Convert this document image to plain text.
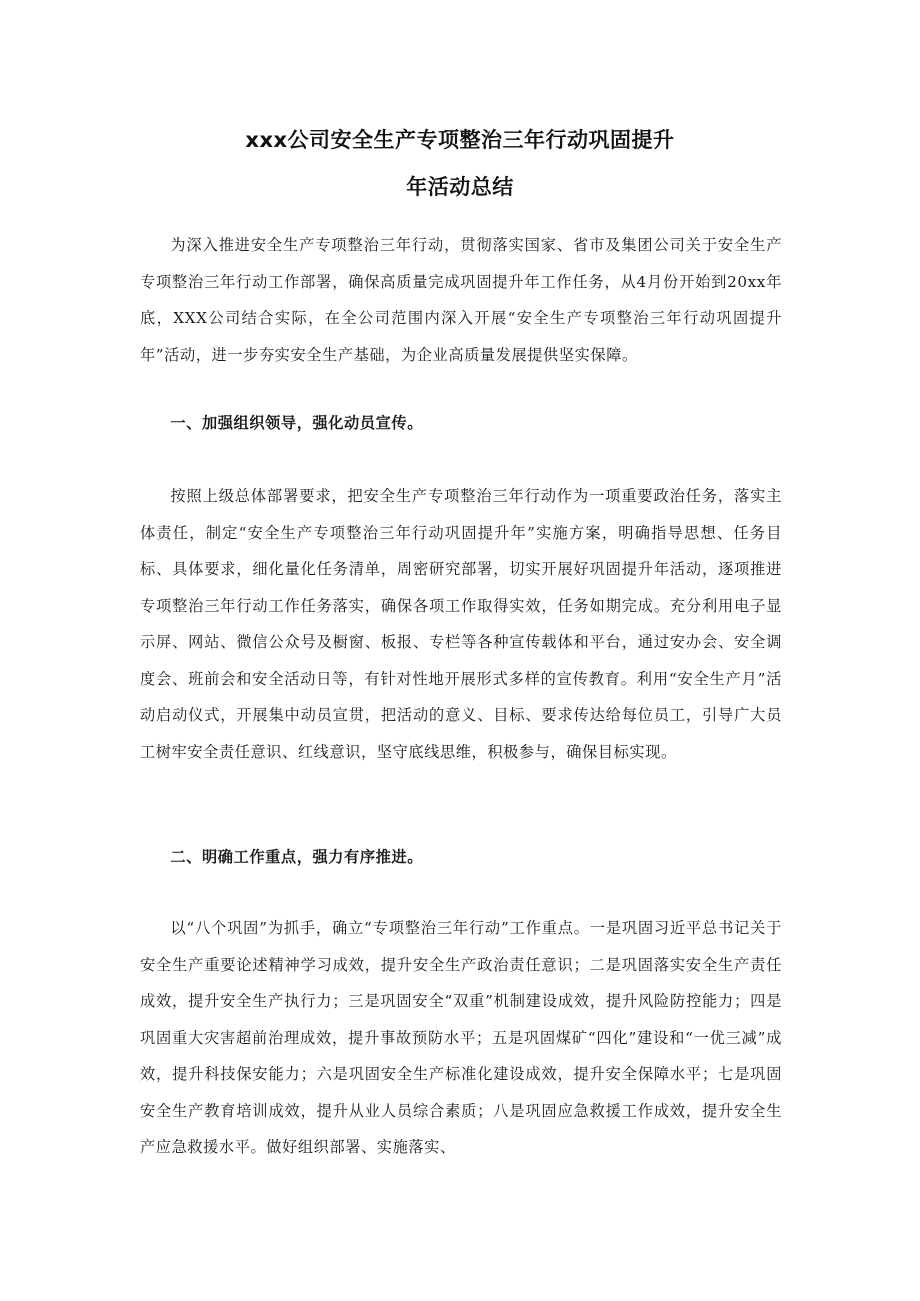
xxx公司安全生产专项整治三年行动巩固提升
年活动总结

为深入推进安全生产专项整治三年行动，贯彻落实国家、省市及集团公司关于安全生产专项整治三年行动工作部署，确保高质量完成巩固提升年工作任务，从4月份开始到20xx年底，XXX公司结合实际，在全公司范围内深入开展“安全生产专项整治三年行动巩固提升年”活动，进一步夯实安全生产基础，为企业高质量发展提供坚实保障。

一、加强组织领导，强化动员宣传。

按照上级总体部署要求，把安全生产专项整治三年行动作为一项重要政治任务，落实主体责任，制定“安全生产专项整治三年行动巩固提升年”实施方案，明确指导思想、任务目标、具体要求，细化量化任务清单，周密研究部署，切实开展好巩固提升年活动，逐项推进专项整治三年行动工作任务落实，确保各项工作取得实效，任务如期完成。充分利用电子显示屏、网站、微信公众号及橱窗、板报、专栏等各种宣传载体和平台，通过安办会、安全调度会、班前会和安全活动日等，有针对性地开展形式多样的宣传教育。利用“安全生产月”活动启动仪式，开展集中动员宣贯，把活动的意义、目标、要求传达给每位员工，引导广大员工树牢安全责任意识、红线意识，坚守底线思维，积极参与，确保目标实现。

二、明确工作重点，强力有序推进。

以“八个巩固”为抓手，确立“专项整治三年行动”工作重点。一是巩固习近平总书记关于安全生产重要论述精神学习成效，提升安全生产政治责任意识；二是巩固落实安全生产责任成效，提升安全生产执行力；三是巩固安全“双重”机制建设成效，提升风险防控能力；四是巩固重大灾害超前治理成效，提升事故预防水平；五是巩固煤矿“四化”建设和“一优三减”成效，提升科技保安能力；六是巩固安全生产标准化建设成效，提升安全保障水平；七是巩固安全生产教育培训成效，提升从业人员综合素质；八是巩固应急救援工作成效，提升安全生产应急救援水平。做好组织部署、实施落实、
